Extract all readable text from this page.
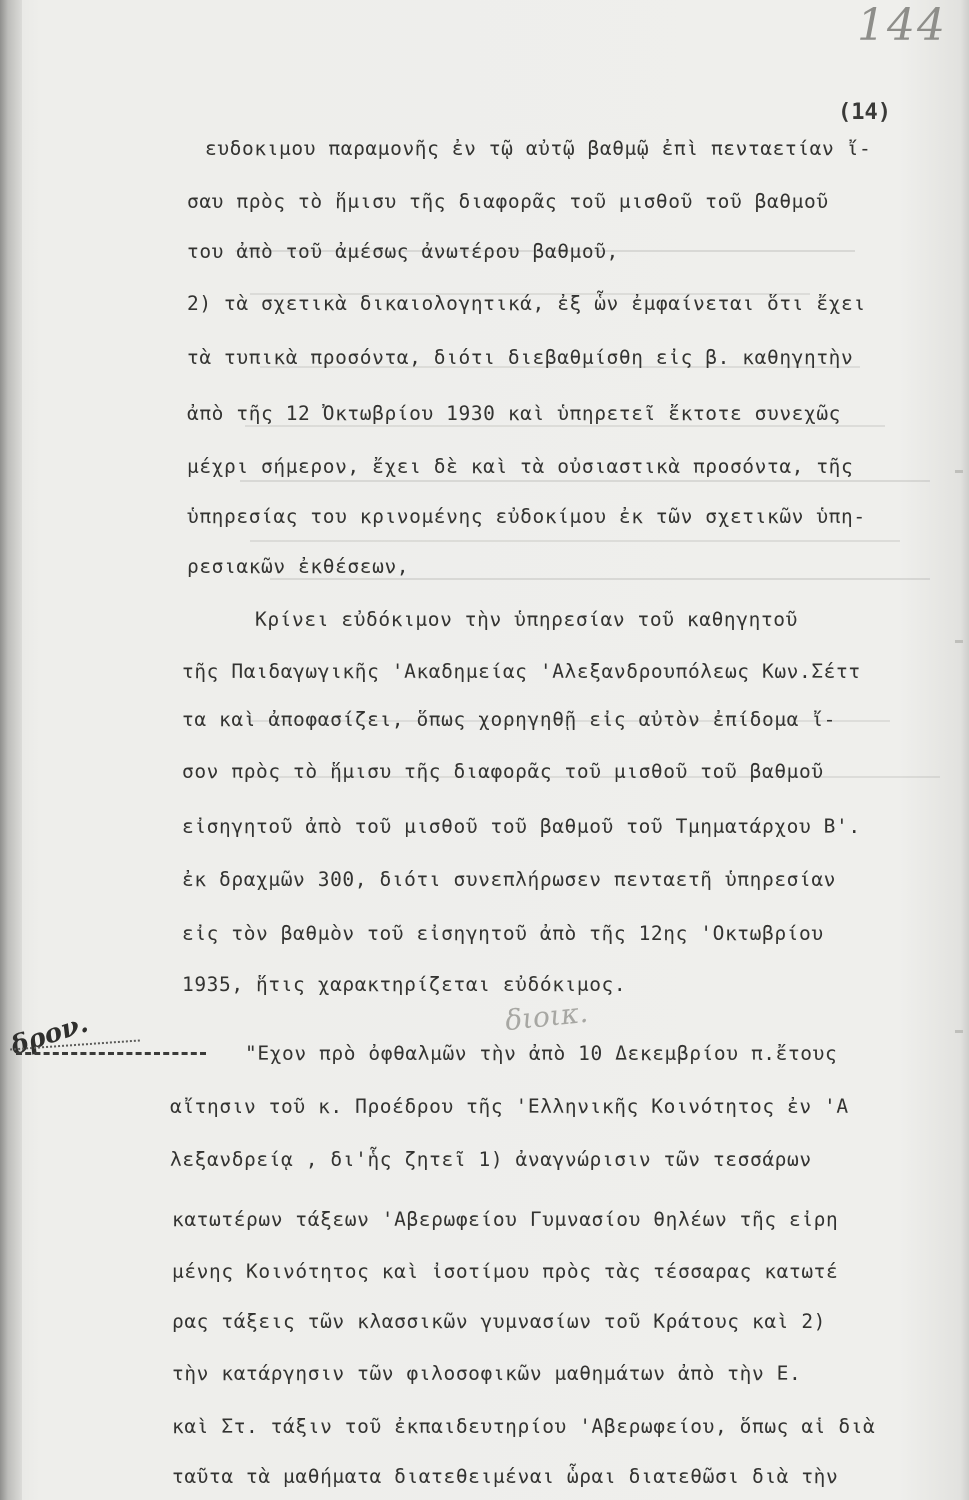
144
(14)
ευδοκιμου παραμονῆς ἐν τῷ αὐτῷ βαθμῷ ἐπὶ πενταετίαν ἴ-
σαυ πρὸς τὸ ἥμισυ τῆς διαφορᾶς τοῦ μισθοῦ τοῦ βαθμοῦ
του ἀπὸ τοῦ ἀμέσως ἀνωτέρου βαθμοῦ,
2) τὰ σχετικὰ δικαιολογητικά, ἐξ ὧν ἐμφαίνεται ὅτι ἔχει
τὰ τυπικὰ προσόντα, διότι διεβαθμίσθη εἰς β. καθηγητὴν
ἀπὸ τῆς 12 Ὀκτωβρίου 1930 καὶ ὑπηρετεῖ ἔκτοτε συνεχῶς
μέχρι σήμερον, ἔχει δὲ καὶ τὰ οὐσιαστικὰ προσόντα, τῆς
ὑπηρεσίας του κρινομένης εὐδοκίμου ἐκ τῶν σχετικῶν ὑπη-
ρεσιακῶν ἐκθέσεων,
Κρίνει εὐδόκιμον τὴν ὑπηρεσίαν τοῦ καθηγητοῦ
τῆς Παιδαγωγικῆς 'Ακαδημείας 'Αλεξανδρουπόλεως Κων.Σέττ
τα καὶ ἀποφασίζει, ὅπως χορηγηθῇ εἰς αὐτὸν ἐπίδομα ἴ-
σον πρὸς τὸ ἥμισυ τῆς διαφορᾶς τοῦ μισθοῦ τοῦ βαθμοῦ
εἰσηγητοῦ ἀπὸ τοῦ μισθοῦ τοῦ βαθμοῦ τοῦ Τμηματάρχου Β'.
ἐκ δραχμῶν 300, διότι συνεπλήρωσεν πενταετῆ ὑπηρεσίαν
εἰς τὸν βαθμὸν τοῦ εἰσηγητοῦ ἀπὸ τῆς 12ης 'Οκτωβρίου
1935, ἥτις χαρακτηρίζεται εὐδόκιμος.
διοικ.
δρον.	"Εχον πρὸ ὀφθαλμῶν τὴν ἀπὸ 10 Δεκεμβρίου π.ἔτους
αἴτησιν τοῦ κ. Προέδρου τῆς 'Ελληνικῆς Κοινότητος ἐν 'Α
λεξανδρείᾳ , δι'ἧς ζητεῖ 1) ἀναγνώρισιν τῶν τεσσάρων
κατωτέρων τάξεων 'Αβερωφείου Γυμνασίου θηλέων τῆς εἰρη
μένης Κοινότητος καὶ ἰσοτίμου πρὸς τὰς τέσσαρας κατωτέ
ρας τάξεις τῶν κλασσικῶν γυμνασίων τοῦ Κράτους καὶ 2)
τὴν κατάργησιν τῶν φιλοσοφικῶν μαθημάτων ἀπὸ τὴν Ε.
καὶ Στ. τάξιν τοῦ ἐκπαιδευτηρίου 'Αβερωφείου, ὅπως αἱ διὰ
ταῦτα τὰ μαθήματα διατεθειμέναι ὧραι διατεθῶσι διὰ τὴν
